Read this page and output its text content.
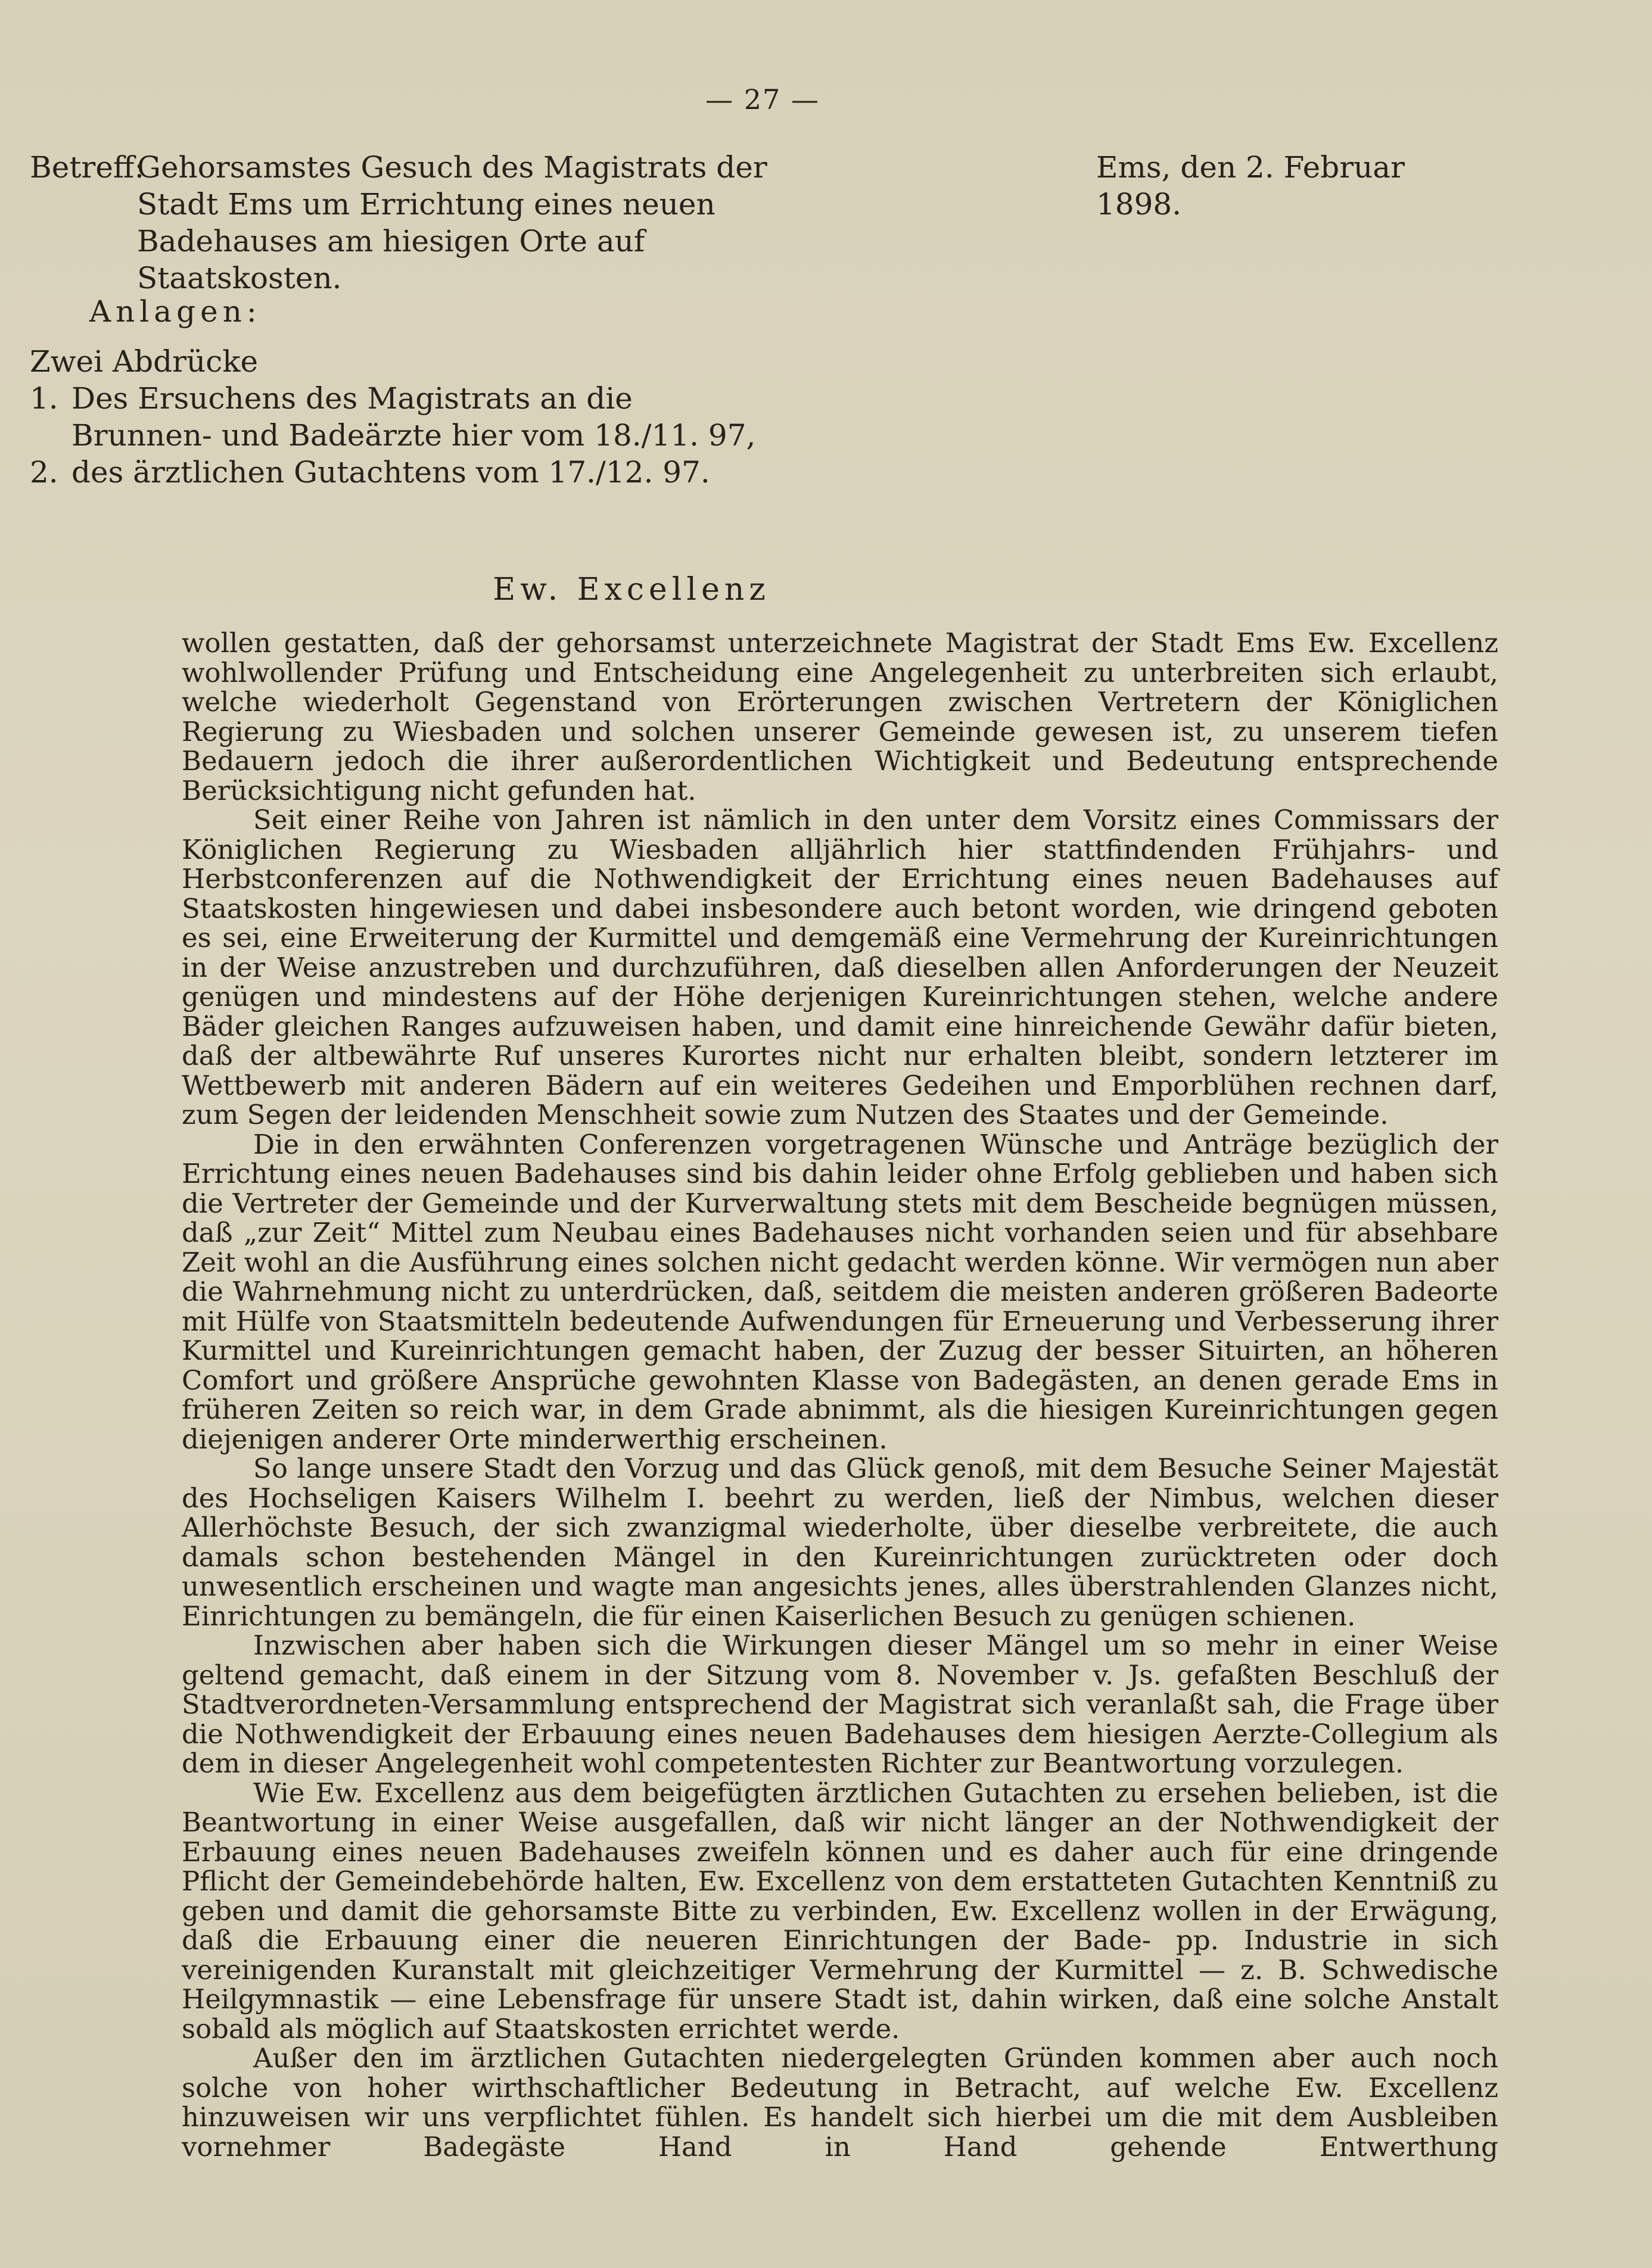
— 27 —
Betreff:
Gehorsamstes Gesuch des Magistrats der Stadt Ems um Errichtung eines neuen Badehauses am hiesigen Orte auf Staatskosten.
Ems, den 2. Februar 1898.
Anlagen:
Zwei Abdrücke
1. Des Ersuchens des Magistrats an die Brunnen- und Badeärzte hier vom 18./11. 97,
2. des ärztlichen Gutachtens vom 17./12. 97.
Ew. Excellenz

wollen gestatten, daß der gehorsamst unterzeichnete Magistrat der Stadt Ems Ew. Excellenz wohlwollender Prüfung und Entscheidung eine Angelegenheit zu unterbreiten sich erlaubt, welche wiederholt Gegenstand von Erörterungen zwischen Vertretern der Königlichen Regierung zu Wiesbaden und solchen unserer Gemeinde gewesen ist, zu unserem tiefen Bedauern jedoch die ihrer außerordentlichen Wichtigkeit und Bedeutung entsprechende Berücksichtigung nicht gefunden hat.

Seit einer Reihe von Jahren ist nämlich in den unter dem Vorsitz eines Commissars der Königlichen Regierung zu Wiesbaden alljährlich hier stattfindenden Frühjahrs- und Herbstconferenzen auf die Nothwendigkeit der Errichtung eines neuen Badehauses auf Staatskosten hingewiesen und dabei insbesondere auch betont worden, wie dringend geboten es sei, eine Erweiterung der Kurmittel und demgemäß eine Vermehrung der Kureinrichtungen in der Weise anzustreben und durchzuführen, daß dieselben allen Anforderungen der Neuzeit genügen und mindestens auf der Höhe derjenigen Kureinrichtungen stehen, welche andere Bäder gleichen Ranges aufzuweisen haben, und damit eine hinreichende Gewähr dafür bieten, daß der altbewährte Ruf unseres Kurortes nicht nur erhalten bleibt, sondern letzterer im Wettbewerb mit anderen Bädern auf ein weiteres Gedeihen und Emporblühen rechnen darf, zum Segen der leidenden Menschheit sowie zum Nutzen des Staates und der Gemeinde.

Die in den erwähnten Conferenzen vorgetragenen Wünsche und Anträge bezüglich der Errichtung eines neuen Badehauses sind bis dahin leider ohne Erfolg geblieben und haben sich die Vertreter der Gemeinde und der Kurverwaltung stets mit dem Bescheide begnügen müssen, daß „zur Zeit“ Mittel zum Neubau eines Badehauses nicht vorhanden seien und für absehbare Zeit wohl an die Ausführung eines solchen nicht gedacht werden könne. Wir vermögen nun aber die Wahrnehmung nicht zu unterdrücken, daß, seitdem die meisten anderen größeren Badeorte mit Hülfe von Staatsmitteln bedeutende Aufwendungen für Erneuerung und Verbesserung ihrer Kurmittel und Kureinrichtungen gemacht haben, der Zuzug der besser Situirten, an höheren Comfort und größere Ansprüche gewohnten Klasse von Badegästen, an denen gerade Ems in früheren Zeiten so reich war, in dem Grade abnimmt, als die hiesigen Kureinrichtungen gegen diejenigen anderer Orte minderwerthig erscheinen.

So lange unsere Stadt den Vorzug und das Glück genoß, mit dem Besuche Seiner Majestät des Hochseligen Kaisers Wilhelm I. beehrt zu werden, ließ der Nimbus, welchen dieser Allerhöchste Besuch, der sich zwanzigmal wiederholte, über dieselbe verbreitete, die auch damals schon bestehenden Mängel in den Kureinrichtungen zurücktreten oder doch unwesentlich erscheinen und wagte man angesichts jenes, alles überstrahlenden Glanzes nicht, Einrichtungen zu bemängeln, die für einen Kaiserlichen Besuch zu genügen schienen.

Inzwischen aber haben sich die Wirkungen dieser Mängel um so mehr in einer Weise geltend gemacht, daß einem in der Sitzung vom 8. November v. Js. gefaßten Beschluß der Stadtverordneten-Versammlung entsprechend der Magistrat sich veranlaßt sah, die Frage über die Nothwendigkeit der Erbauung eines neuen Badehauses dem hiesigen Aerzte-Collegium als dem in dieser Angelegenheit wohl competentesten Richter zur Beantwortung vorzulegen.

Wie Ew. Excellenz aus dem beigefügten ärztlichen Gutachten zu ersehen belieben, ist die Beantwortung in einer Weise ausgefallen, daß wir nicht länger an der Nothwendigkeit der Erbauung eines neuen Badehauses zweifeln können und es daher auch für eine dringende Pflicht der Gemeindebehörde halten, Ew. Excellenz von dem erstatteten Gutachten Kenntniß zu geben und damit die gehorsamste Bitte zu verbinden, Ew. Excellenz wollen in der Erwägung, daß die Erbauung einer die neueren Einrichtungen der Bade- pp. Industrie in sich vereinigenden Kuranstalt mit gleichzeitiger Vermehrung der Kurmittel — z. B. Schwedische Heilgymnastik — eine Lebensfrage für unsere Stadt ist, dahin wirken, daß eine solche Anstalt sobald als möglich auf Staatskosten errichtet werde.

Außer den im ärztlichen Gutachten niedergelegten Gründen kommen aber auch noch solche von hoher wirthschaftlicher Bedeutung in Betracht, auf welche Ew. Excellenz hinzuweisen wir uns verpflichtet fühlen. Es handelt sich hierbei um die mit dem Ausbleiben vornehmer Badegäste Hand in Hand gehende Entwerthung
